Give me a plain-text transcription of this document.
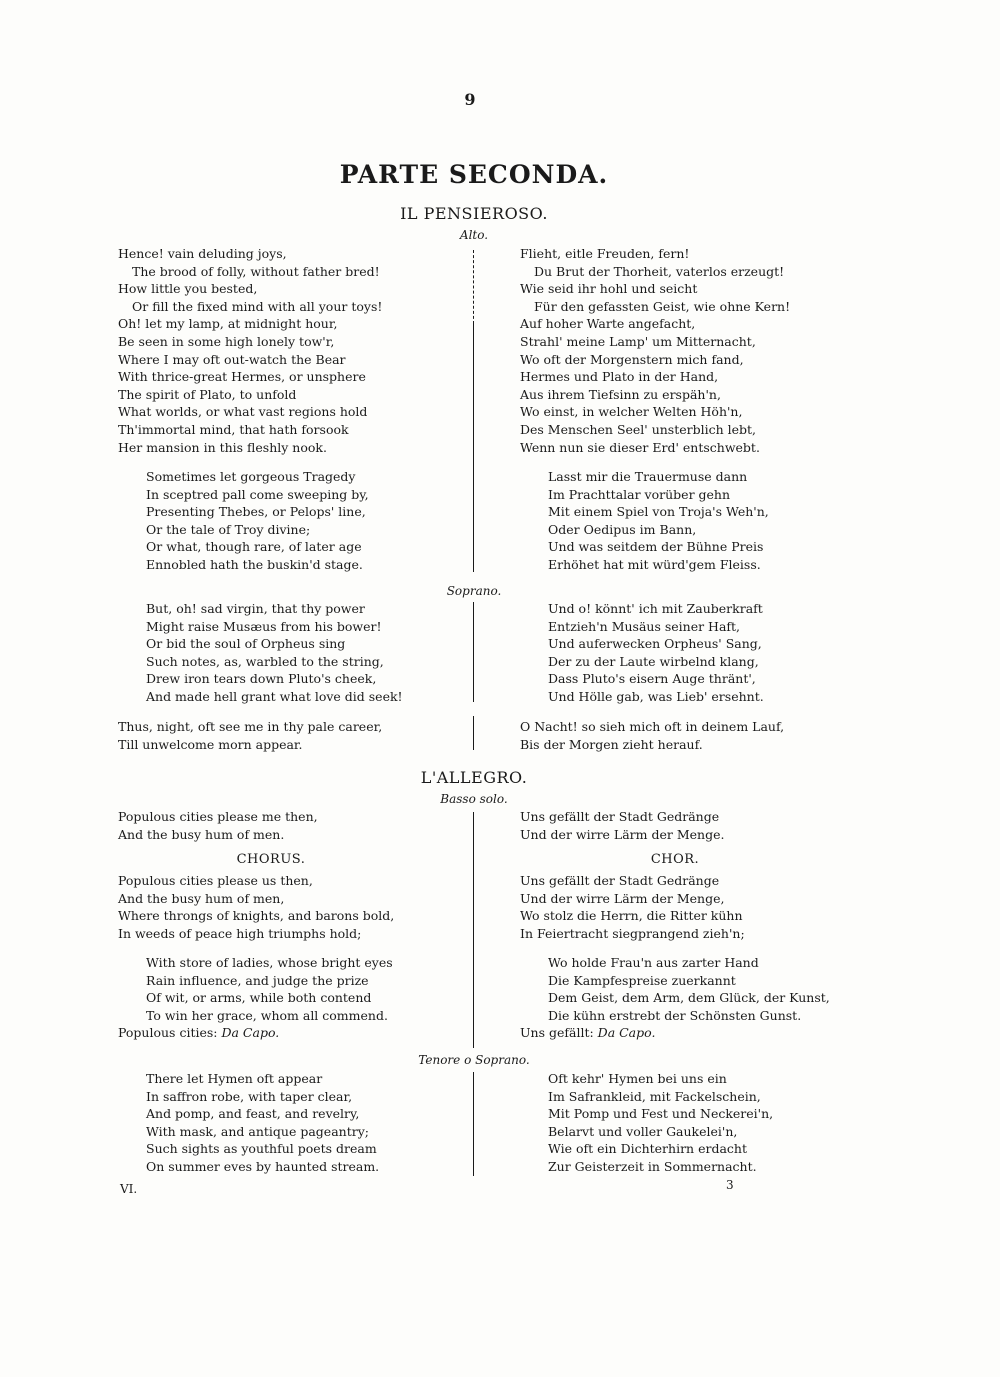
9
PARTE SECONDA.
IL PENSIEROSO.
Alto.
Hence! vain deluding joys,
The brood of folly, without father bred!
How little you bested,
Or fill the fixed mind with all your toys!
Oh! let my lamp, at midnight hour,
Be seen in some high lonely tow'r,
Where I may oft out-watch the Bear
With thrice-great Hermes, or unsphere
The spirit of Plato, to unfold
What worlds, or what vast regions hold
Th'immortal mind, that hath forsook
Her mansion in this fleshly nook.
Flieht, eitle Freuden, fern!
Du Brut der Thorheit, vaterlos erzeugt!
Wie seid ihr hohl und seicht
Für den gefassten Geist, wie ohne Kern!
Auf hoher Warte angefacht,
Strahl' meine Lamp' um Mitternacht,
Wo oft der Morgenstern mich fand,
Hermes und Plato in der Hand,
Aus ihrem Tiefsinn zu erspäh'n,
Wo einst, in welcher Welten Höh'n,
Des Menschen Seel' unsterblich lebt,
Wenn nun sie dieser Erd' entschwebt.
Sometimes let gorgeous Tragedy
In sceptred pall come sweeping by,
Presenting Thebes, or Pelops' line,
Or the tale of Troy divine;
Or what, though rare, of later age
Ennobled hath the buskin'd stage.
Lasst mir die Trauermuse dann
Im Prachttalar vorüber gehn
Mit einem Spiel von Troja's Weh'n,
Oder Oedipus im Bann,
Und was seitdem der Bühne Preis
Erhöhet hat mit würd'gem Fleiss.
Soprano.
But, oh! sad virgin, that thy power
Might raise Musæus from his bower!
Or bid the soul of Orpheus sing
Such notes, as, warbled to the string,
Drew iron tears down Pluto's cheek,
And made hell grant what love did seek!
Und o! könnt' ich mit Zauberkraft
Entzieh'n Musäus seiner Haft,
Und auferwecken Orpheus' Sang,
Der zu der Laute wirbelnd klang,
Dass Pluto's eisern Auge thränt',
Und Hölle gab, was Lieb' ersehnt.
Thus, night, oft see me in thy pale career,
Till unwelcome morn appear.
O Nacht! so sieh mich oft in deinem Lauf,
Bis der Morgen zieht herauf.
L'ALLEGRO.
Basso solo.
Populous cities please me then,
And the busy hum of men.
Uns gefällt der Stadt Gedränge
Und der wirre Lärm der Menge.
CHORUS.	CHOR.
Populous cities please us then,
And the busy hum of men,
Where throngs of knights, and barons bold,
In weeds of peace high triumphs hold;
Uns gefällt der Stadt Gedränge
Und der wirre Lärm der Menge,
Wo stolz die Herrn, die Ritter kühn
In Feiertracht siegprangend zieh'n;
With store of ladies, whose bright eyes
Rain influence, and judge the prize
Of wit, or arms, while both contend
To win her grace, whom all commend.
Populous cities: Da Capo.
Wo holde Frau'n aus zarter Hand
Die Kampfespreise zuerkannt
Dem Geist, dem Arm, dem Glück, der Kunst,
Die kühn erstrebt der Schönsten Gunst.
Uns gefällt: Da Capo.
Tenore o Soprano.
There let Hymen oft appear
In saffron robe, with taper clear,
And pomp, and feast, and revelry,
With mask, and antique pageantry;
Such sights as youthful poets dream
On summer eves by haunted stream.
Oft kehr' Hymen bei uns ein
Im Safrankleid, mit Fackelschein,
Mit Pomp und Fest und Neckerei'n,
Belarvt und voller Gaukelei'n,
Wie oft ein Dichterhirn erdacht
Zur Geisterzeit in Sommernacht.
VI.	3
